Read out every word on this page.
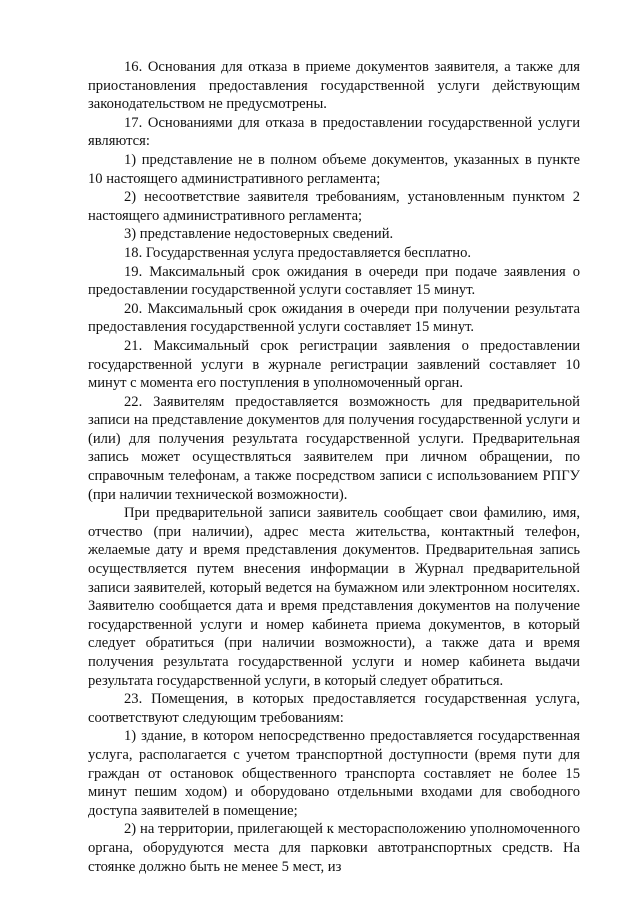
16. Основания для отказа в приеме документов заявителя, а также для приостановления предоставления государственной услуги действующим законодательством не предусмотрены.

17. Основаниями для отказа в предоставлении государственной услуги являются:

1) представление не в полном объеме документов, указанных в пункте 10 настоящего административного регламента;

2) несоответствие заявителя требованиям, установленным пунктом 2 настоящего административного регламента;

3) представление недостоверных сведений.

18. Государственная услуга предоставляется бесплатно.

19. Максимальный срок ожидания в очереди при подаче заявления о предоставлении государственной услуги составляет 15 минут.

20. Максимальный срок ожидания в очереди при получении результата предоставления государственной услуги составляет 15 минут.

21. Максимальный срок регистрации заявления о предоставлении государственной услуги в журнале регистрации заявлений составляет 10 минут с момента его поступления в уполномоченный орган.

22. Заявителям предоставляется возможность для предварительной записи на представление документов для получения государственной услуги и (или) для получения результата государственной услуги. Предварительная запись может осуществляться заявителем при личном обращении, по справочным телефонам, а также посредством записи с использованием РПГУ (при наличии технической возможности).

При предварительной записи заявитель сообщает свои фамилию, имя, отчество (при наличии), адрес места жительства, контактный телефон, желаемые дату и время представления документов. Предварительная запись осуществляется путем внесения информации в Журнал предварительной записи заявителей, который ведется на бумажном или электронном носителях. Заявителю сообщается дата и время представления документов на получение государственной услуги и номер кабинета приема документов, в который следует обратиться (при наличии возможности), а также дата и время получения результата государственной услуги и номер кабинета выдачи результата государственной услуги, в который следует обратиться.

23. Помещения, в которых предоставляется государственная услуга, соответствуют следующим требованиям:

1) здание, в котором непосредственно предоставляется государственная услуга, располагается с учетом транспортной доступности (время пути для граждан от остановок общественного транспорта составляет не более 15 минут пешим ходом) и оборудовано отдельными входами для свободного доступа заявителей в помещение;

2) на территории, прилегающей к месторасположению уполномоченного органа, оборудуются места для парковки автотранспортных средств. На стоянке должно быть не менее 5 мест, из
